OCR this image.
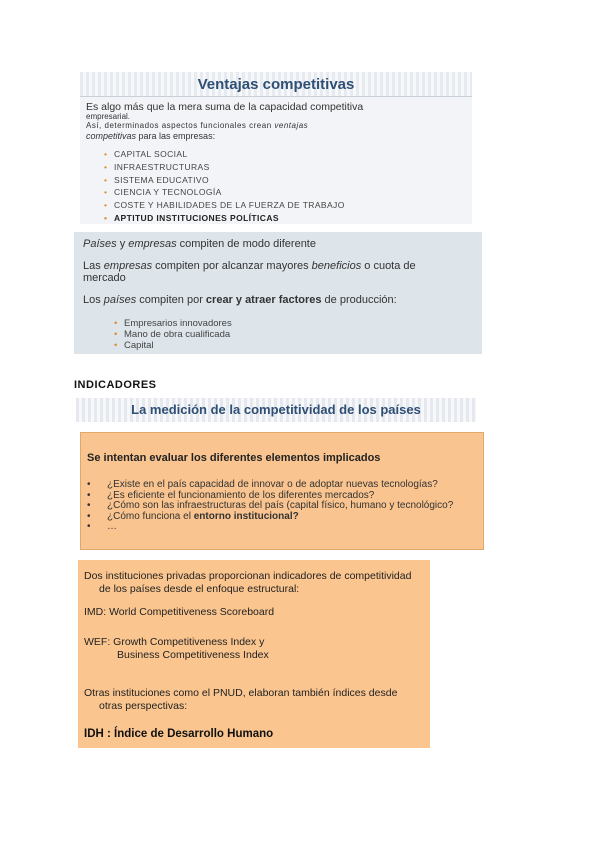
Ventajas competitivas
Es algo más que la mera suma de la capacidad competitiva
empresarial.
Así, determinados aspectos funcionales crean ventajas
competitivas para las empresas:
• CAPITAL SOCIAL
• INFRAESTRUCTURAS
• SISTEMA EDUCATIVO
• CIENCIA Y TECNOLOGÍA
• COSTE Y HABILIDADES DE LA FUERZA DE TRABAJO
• APTITUD INSTITUCIONES POLÍTICAS
Países y empresas compiten de modo diferente
Las empresas compiten por alcanzar mayores beneficios o cuota de
mercado
Los países compiten por crear y atraer factores de producción:
• Empresarios innovadores
• Mano de obra cualificada
• Capital
INDICADORES
La medición de la competitividad de los países
Se intentan evaluar los diferentes elementos implicados
• ¿Existe en el país capacidad de innovar o de adoptar nuevas tecnologías?
• ¿Es eficiente el funcionamiento de los diferentes mercados?
• ¿Cómo son las infraestructuras del país (capital físico, humano y tecnológico?
• ¿Cómo funciona el entorno institucional?
• …
Dos instituciones privadas proporcionan indicadores de competitividad
de los países desde el enfoque estructural:
IMD: World Competitiveness Scoreboard
WEF: Growth Competitiveness Index y
Business Competitiveness Index
Otras instituciones como el PNUD, elaboran también índices desde
otras perspectivas:
IDH : Índice de Desarrollo Humano
